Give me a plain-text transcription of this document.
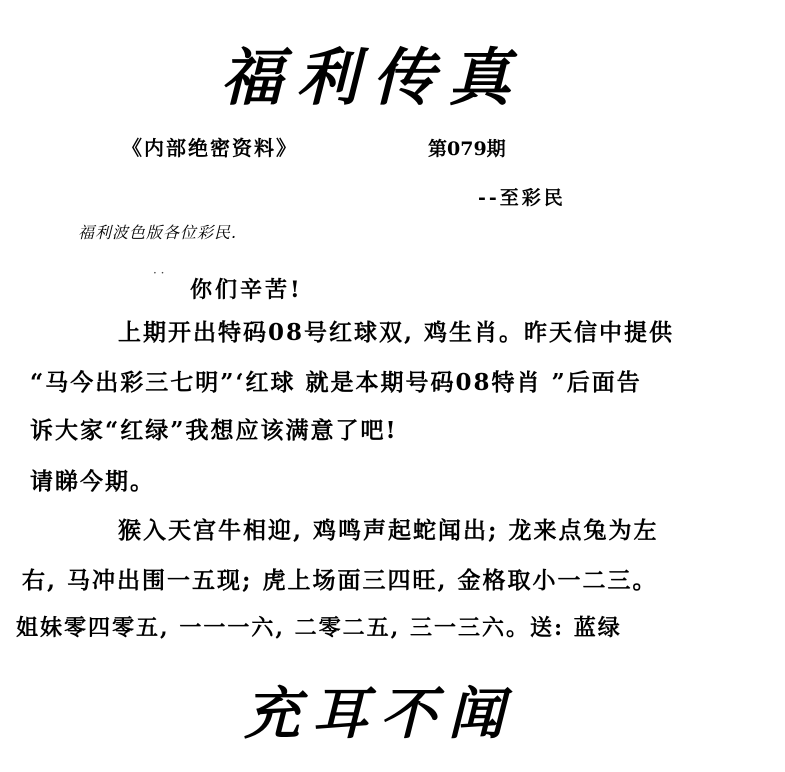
福利传真
《内部绝密资料》	第079期
--至彩民
福利波色版各位彩民.
· ·
你们辛苦!
上期开出特码08号红球双, 鸡生肖。昨天信中提供
“马今出彩三七明”‘红球 就是本期号码08特肖 ”后面告
诉大家“红绿”我想应该满意了吧!
请睇今期。
猴入天宫牛相迎, 鸡鸣声起蛇闻出; 龙来点兔为左
右, 马冲出围一五现; 虎上场面三四旺, 金格取小一二三。
姐妹零四零五, 一一一六, 二零二五, 三一三六。送: 蓝绿
充耳不闻
